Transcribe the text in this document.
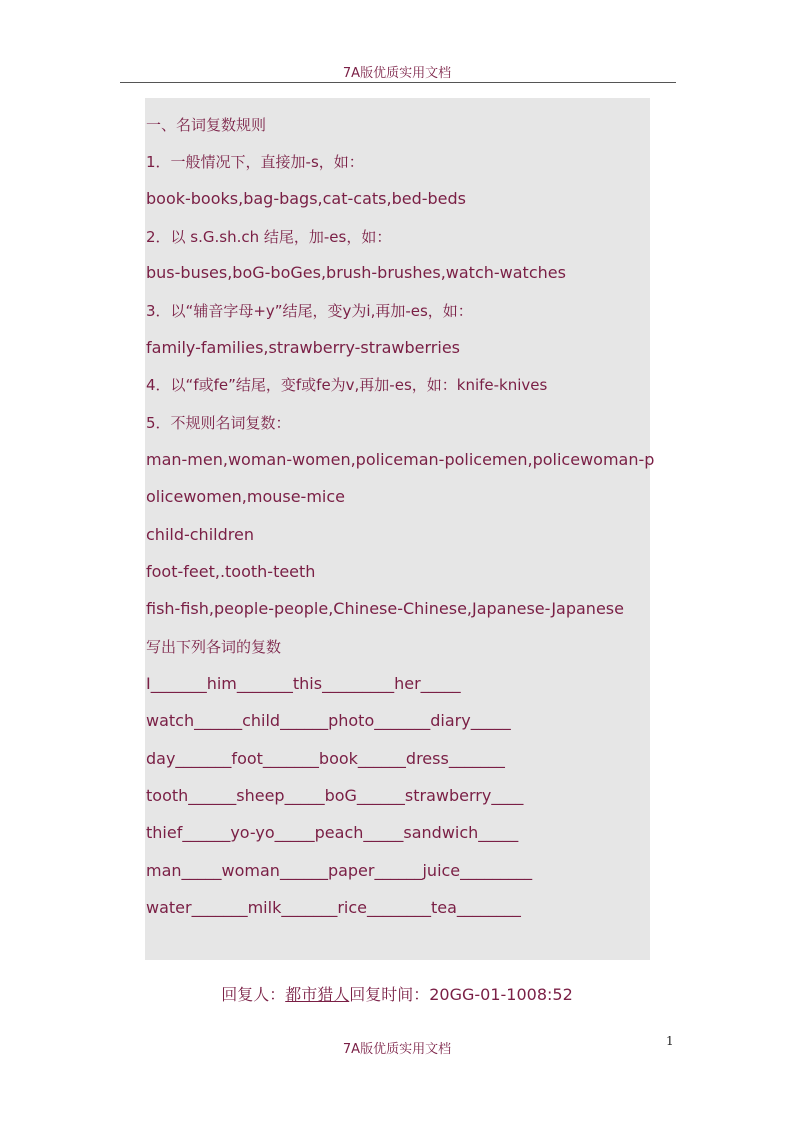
7A版优质实用文档
一、名词复数规则
1．一般情况下，直接加-s，如：
book-books,bag-bags,cat-cats,bed-beds
2．以 s.G.sh.ch 结尾，加-es，如：
bus-buses,boG-boGes,brush-brushes,watch-watches
3．以“辅音字母+y”结尾，变y为i,再加-es，如：
family-families,strawberry-strawberries
4．以“f或fe”结尾，变f或fe为v,再加-es，如：knife-knives
5．不规则名词复数：
man-men,woman-women,policeman-policemen,policewoman-p
olicewomen,mouse-mice
child-children
foot-feet,.tooth-teeth
fish-fish,people-people,Chinese-Chinese,Japanese-Japanese
写出下列各词的复数
I_______him_______this_________her_____
watch______child______photo_______diary_____
day_______foot_______book______dress_______
tooth______sheep_____boG______strawberry____
thief______yo-yo_____peach_____sandwich_____
man_____woman______paper______juice_________
water_______milk_______rice________tea________
回复人：都市猎人回复时间：20GG-01-1008:52
7A版优质实用文档
1
